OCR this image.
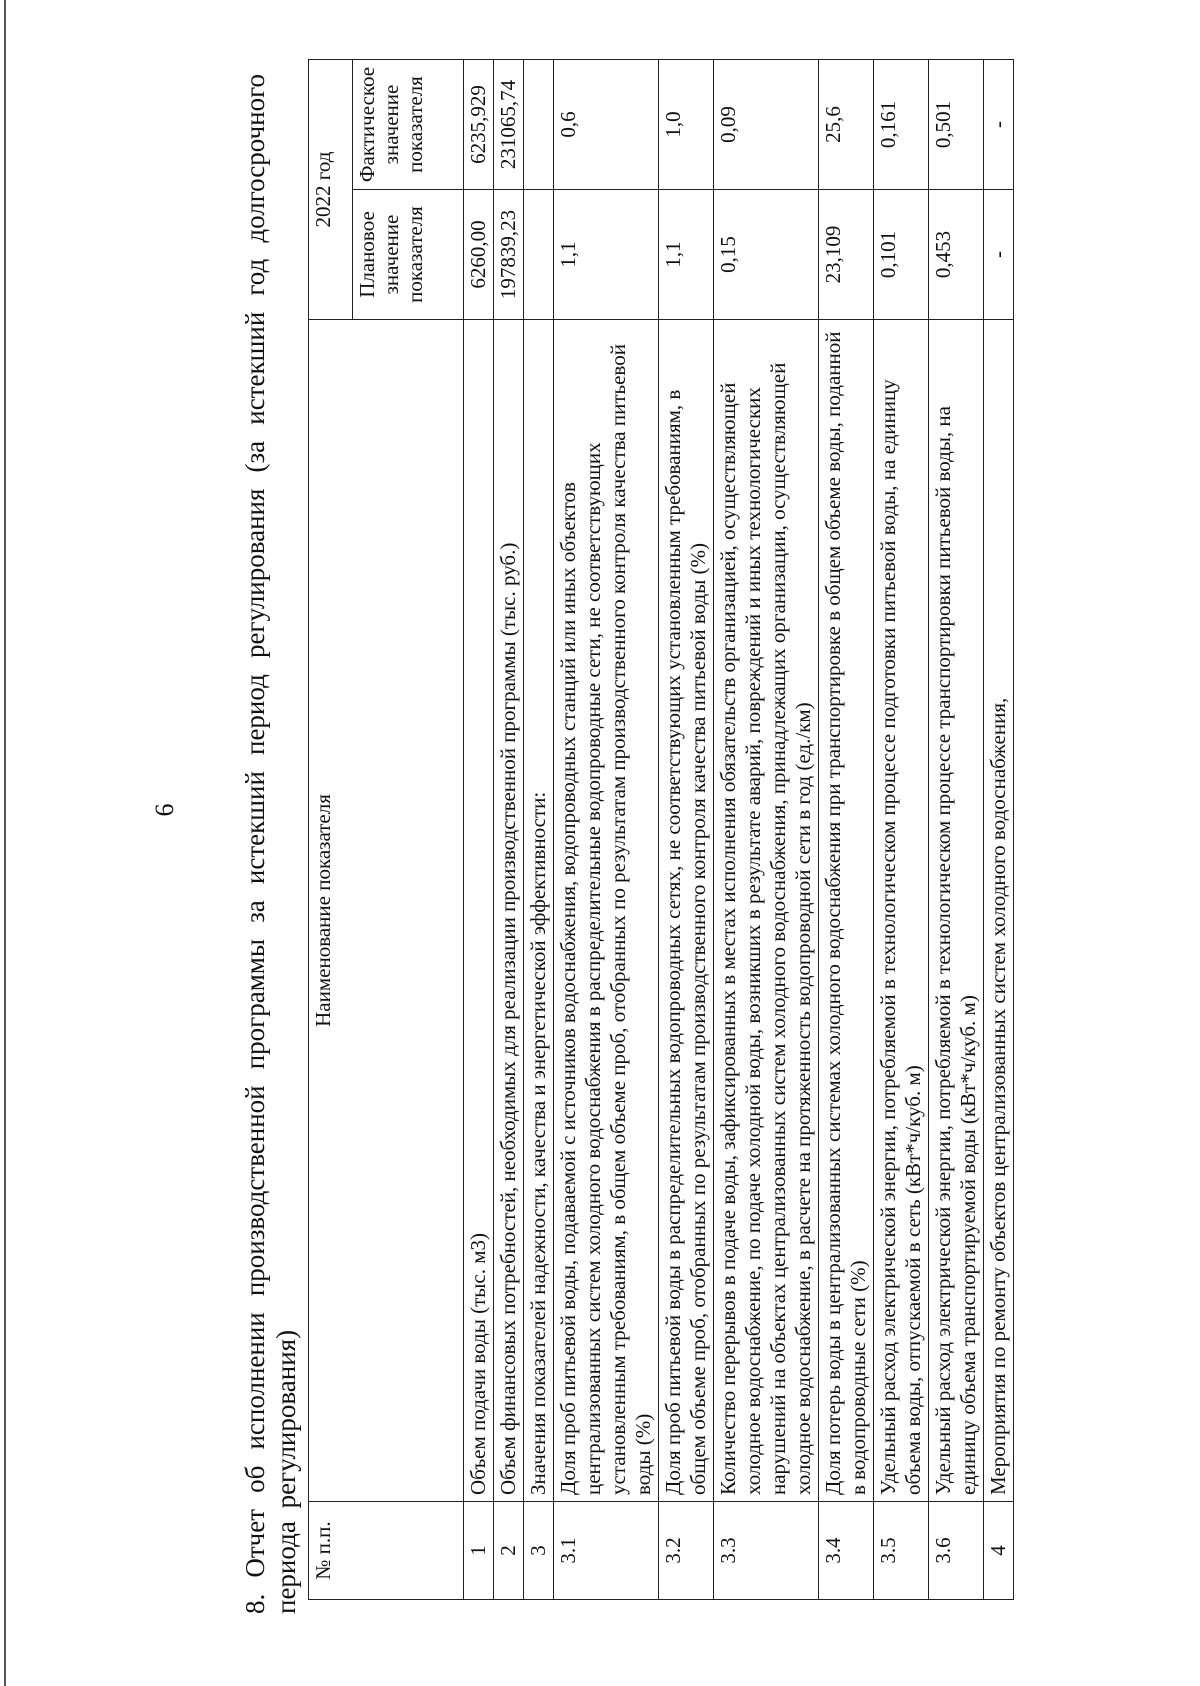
6 8. Отчет об исполнении производственной программы за истекший период регулирования (за истекший год долгосрочного периода регулирования) № п.п.	Наименование показателя	2022 год	
		Плановое значение показателя	Фактическое значение показателя
1	Объем подачи воды (тыс. м3)	6260,00	6235,929
2	Объем финансовых потребностей, необходимых для реализации производственной программы (тыс. руб.)	197839,23	231065,74
3	Значения показателей надежности, качества и энергетической эффективности:		
3.1	Доля проб питьевой воды, подаваемой с источников водоснабжения, водопроводных станций или иных объектов централизованных систем холодного водоснабжения в распределительные водопроводные сети, не соответствующих установленным требованиям, в общем объеме проб, отобранных по результатам производственного контроля качества питьевой воды (%)	1,1	0,6
3.2	Доля проб питьевой воды в распределительных водопроводных сетях, не соответствующих установленным требованиям, в общем объеме проб, отобранных по результатам производственного контроля качества питьевой воды (%)	1,1	1,0
3.3	Количество перерывов в подаче воды, зафиксированных в местах исполнения обязательств организацией, осуществляющей холодное водоснабжение, по подаче холодной воды, возникших в результате аварий, повреждений и иных технологических нарушений на объектах централизованных систем холодного водоснабжения, принадлежащих организации, осуществляющей холодное водоснабжение, в расчете на протяженность водопроводной сети в год (ед./км)	0,15	0,09
3.4	Доля потерь воды в централизованных системах холодного водоснабжения при транспортировке в общем объеме воды, поданной в водопроводные сети (%)	23,109	25,6
3.5	Удельный расход электрической энергии, потребляемой в технологическом процессе подготовки питьевой воды, на единицу объема воды, отпускаемой в сеть (кВт*ч/куб. м)	0,101	0,161
3.6	Удельный расход электрической энергии, потребляемой в технологическом процессе транспортировки питьевой воды, на единицу объема транспортируемой воды (кВт*ч/куб. м)	0,453	0,501
4	Мероприятия по ремонту объектов централизованных систем холодного водоснабжения,	-	-
